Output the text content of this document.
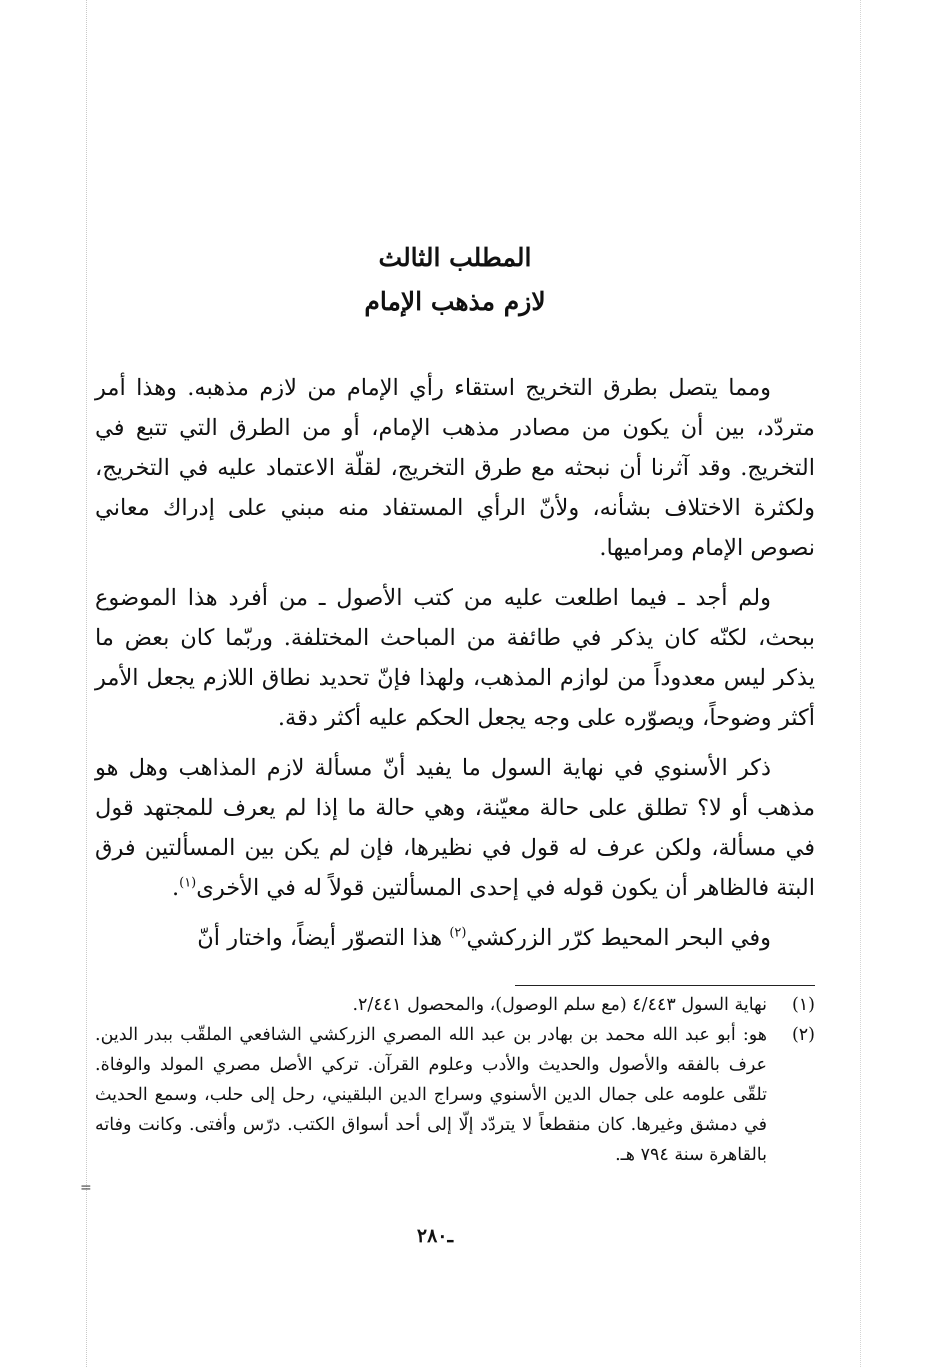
المطلب الثالث
لازم مذهب الإمام

ومما يتصل بطرق التخريج استقاء رأي الإمام من لازم مذهبه. وهذا أمر متردّد، بين أن يكون من مصادر مذهب الإمام، أو من الطرق التي تتبع في التخريج. وقد آثرنا أن نبحثه مع طرق التخريج، لقلّة الاعتماد عليه في التخريج، ولكثرة الاختلاف بشأنه، ولأنّ الرأي المستفاد منه مبني على إدراك معاني نصوص الإمام ومراميها.

ولم أجد ـ فيما اطلعت عليه من كتب الأصول ـ من أفرد هذا الموضوع ببحث، لكنّه كان يذكر في طائفة من المباحث المختلفة. وربّما كان بعض ما يذكر ليس معدوداً من لوازم المذهب، ولهذا فإنّ تحديد نطاق اللازم يجعل الأمر أكثر وضوحاً، ويصوّره على وجه يجعل الحكم عليه أكثر دقة.

ذكر الأسنوي في نهاية السول ما يفيد أنّ مسألة لازم المذاهب وهل هو مذهب أو لا؟ تطلق على حالة معيّنة، وهي حالة ما إذا لم يعرف للمجتهد قول في مسألة، ولكن عرف له قول في نظيرها، فإن لم يكن بين المسألتين فرق البتة فالظاهر أن يكون قوله في إحدى المسألتين قولاً له في الأخرى$^{(١)}$.

وفي البحر المحيط كرّر الزركشي$^{(٢)}$ هذا التصوّر أيضاً، واختار أنّ

(١)نهاية السول ٤/٤٤٣ (مع سلم الوصول)، والمحصول ٢/٤٤١.

(٢)هو: أبو عبد الله محمد بن بهادر بن عبد الله المصري الزركشي الشافعي الملقّب ببدر الدين. عرف بالفقه والأصول والحديث والأدب وعلوم القرآن. تركي الأصل مصري المولد والوفاة. تلقّى علومه على جمال الدين الأسنوي وسراج الدين البلقيني، رحل إلى حلب، وسمع الحديث في دمشق وغيرها. كان منقطعاً لا يتردّد إلّا إلى أحد أسواق الكتب. درّس وأفتى. وكانت وفاته بالقاهرة سنة ٧٩٤ هـ.

=
ـ٢٨٠
